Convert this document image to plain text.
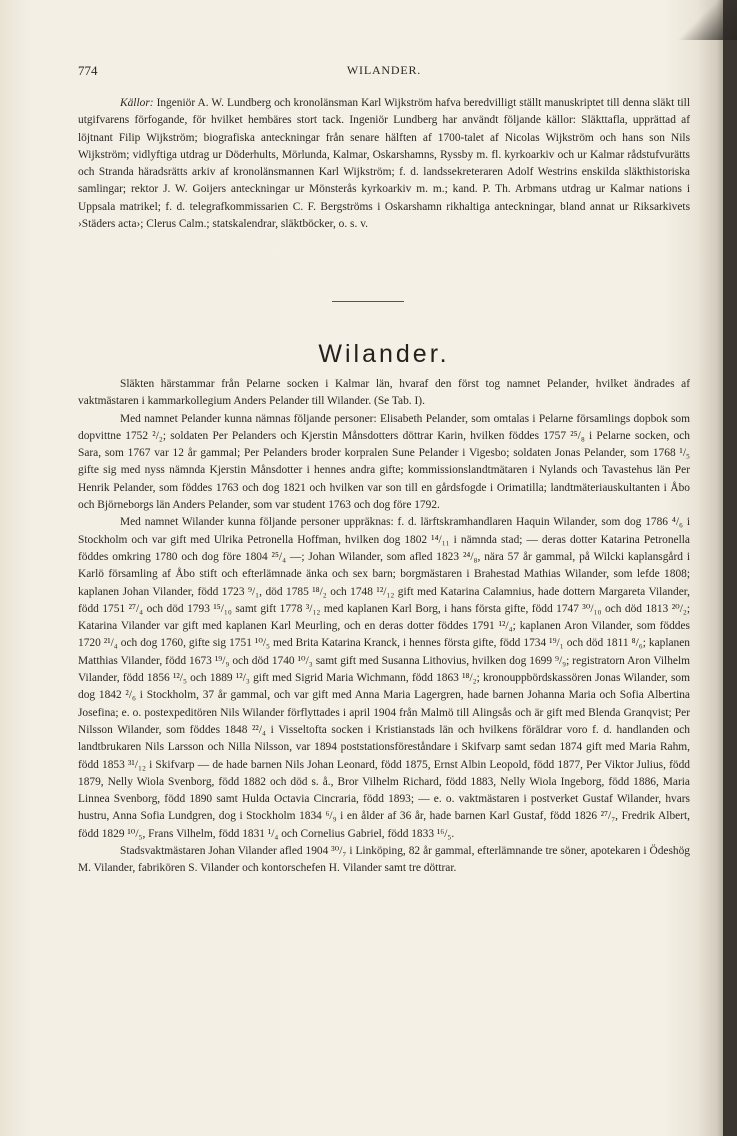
774	WILANDER.

Källor: Ingeniör A. W. Lundberg och kronolänsman Karl Wijkström hafva beredvilligt ställt manuskriptet till denna släkt till utgifvarens förfogande, för hvilket hembäres stort tack. Ingeniör Lundberg har användt följande källor: Släkttafla, upprättad af löjtnant Filip Wijkström; biografiska anteckningar från senare hälften af 1700-talet af Nicolas Wijkström och hans son Nils Wijkström; vidlyftiga utdrag ur Döderhults, Mörlunda, Kalmar, Oskarshamns, Ryssby m. fl. kyrkoarkiv och ur Kalmar rådstufvurätts och Stranda häradsrätts arkiv af kronolänsmannen Karl Wijkström; f. d. landssekreteraren Adolf Westrins enskilda släkthistoriska samlingar; rektor J. W. Goijers anteckningar ur Mönsterås kyrkoarkiv m. m.; kand. P. Th. Arbmans utdrag ur Kalmar nations i Uppsala matrikel; f. d. telegrafkommissarien C. F. Bergströms i Oskarshamn rikhaltiga anteckningar, bland annat ur Riksarkivets ›Städers acta›; Clerus Calm.; statskalendrar, släktböcker, o. s. v.

Wilander.

Släkten härstammar från Pelarne socken i Kalmar län, hvaraf den först tog namnet Pelander, hvilket ändrades af vaktmästaren i kammarkollegium Anders Pelander till Wilander. (Se Tab. I).

Med namnet Pelander kunna nämnas följande personer: Elisabeth Pelander, som omtalas i Pelarne församlings dopbok som dopvittne 1752 ²/₂; soldaten Per Pelanders och Kjerstin Månsdotters döttrar Karin, hvilken föddes 1757 ²⁵/₈ i Pelarne socken, och Sara, som 1767 var 12 år gammal; Per Pelanders broder korpralen Sune Pelander i Vigesbo; soldaten Jonas Pelander, som 1768 ¹/₅ gifte sig med nyss nämnda Kjerstin Månsdotter i hennes andra gifte; kommissionslandtmätaren i Nylands och Tavastehus län Per Henrik Pelander, som föddes 1763 och dog 1821 och hvilken var son till en gårdsfogde i Orimatilla; landtmäteriauskultanten i Åbo och Björneborgs län Anders Pelander, som var student 1763 och dog före 1792.

Med namnet Wilander kunna följande personer uppräknas: f. d. lärftskramhandlaren Haquin Wilander, som dog 1786 ⁴/₆ i Stockholm och var gift med Ulrika Petronella Hoffman, hvilken dog 1802 ¹⁴/₁₁ i nämnda stad; — deras dotter Katarina Petronella föddes omkring 1780 och dog före 1804 ²⁵/₄ —; Johan Wilander, som afled 1823 ²⁴/₈, nära 57 år gammal, på Wilcki kaplansgård i Karlö församling af Åbo stift och efterlämnade änka och sex barn; borgmästaren i Brahestad Mathias Wilander, som lefde 1808; kaplanen Johan Vilander, född 1723 ⁹/₁, död 1785 ¹⁸/₂ och 1748 ¹²/₁₂ gift med Katarina Calamnius, hade dottern Margareta Vilander, född 1751 ²⁷/₄ och död 1793 ¹⁵/₁₀ samt gift 1778 ³/₁₂ med kaplanen Karl Borg, i hans första gifte, född 1747 ³⁰/₁₀ och död 1813 ²⁰/₂; Katarina Vilander var gift med kaplanen Karl Meurling, och en deras dotter föddes 1791 ¹²/₄; kaplanen Aron Vilander, som föddes 1720 ²¹/₄ och dog 1760, gifte sig 1751 ¹⁰/₅ med Brita Katarina Kranck, i hennes första gifte, född 1734 ¹⁹/₁ och död 1811 ⁸/₆; kaplanen Matthias Vilander, född 1673 ¹⁹/₉ och död 1740 ¹⁰/₃ samt gift med Susanna Lithovius, hvilken dog 1699 ⁹/₉; registratorn Aron Vilhelm Vilander, född 1856 ¹²/₅ och 1889 ¹²/₃ gift med Sigrid Maria Wichmann, född 1863 ¹⁸/₂; kronouppbördskassören Jonas Wilander, som dog 1842 ²/₆ i Stockholm, 37 år gammal, och var gift med Anna Maria Lagergren, hade barnen Johanna Maria och Sofia Albertina Josefina; e. o. postexpeditören Nils Wilander förflyttades i april 1904 från Malmö till Alingsås och är gift med Blenda Granqvist; Per Nilsson Wilander, som föddes 1848 ²²/₄ i Visseltofta socken i Kristianstads län och hvilkens föräldrar voro f. d. handlanden och landtbrukaren Nils Larsson och Nilla Nilsson, var 1894 poststationsföreståndare i Skifvarp samt sedan 1874 gift med Maria Rahm, född 1853 ³¹/₁₂ i Skifvarp — de hade barnen Nils Johan Leonard, född 1875, Ernst Albin Leopold, född 1877, Per Viktor Julius, född 1879, Nelly Wiola Svenborg, född 1882 och död s. å., Bror Vilhelm Richard, född 1883, Nelly Wiola Ingeborg, född 1886, Maria Linnea Svenborg, född 1890 samt Hulda Octavia Cincraria, född 1893; — e. o. vaktmästaren i postverket Gustaf Wilander, hvars hustru, Anna Sofia Lundgren, dog i Stockholm 1834 ⁶/₉ i en ålder af 36 år, hade barnen Karl Gustaf, född 1826 ²⁷/₇, Fredrik Albert, född 1829 ¹⁰/₅, Frans Vilhelm, född 1831 ¹/₄ och Cornelius Gabriel, född 1833 ¹⁶/₅.

Stadsvaktmästaren Johan Vilander afled 1904 ³⁰/₇ i Linköping, 82 år gammal, efterlämnande tre söner, apotekaren i Ödeshög M. Vilander, fabrikören S. Vilander och kontorschefen H. Vilander samt tre döttrar.
